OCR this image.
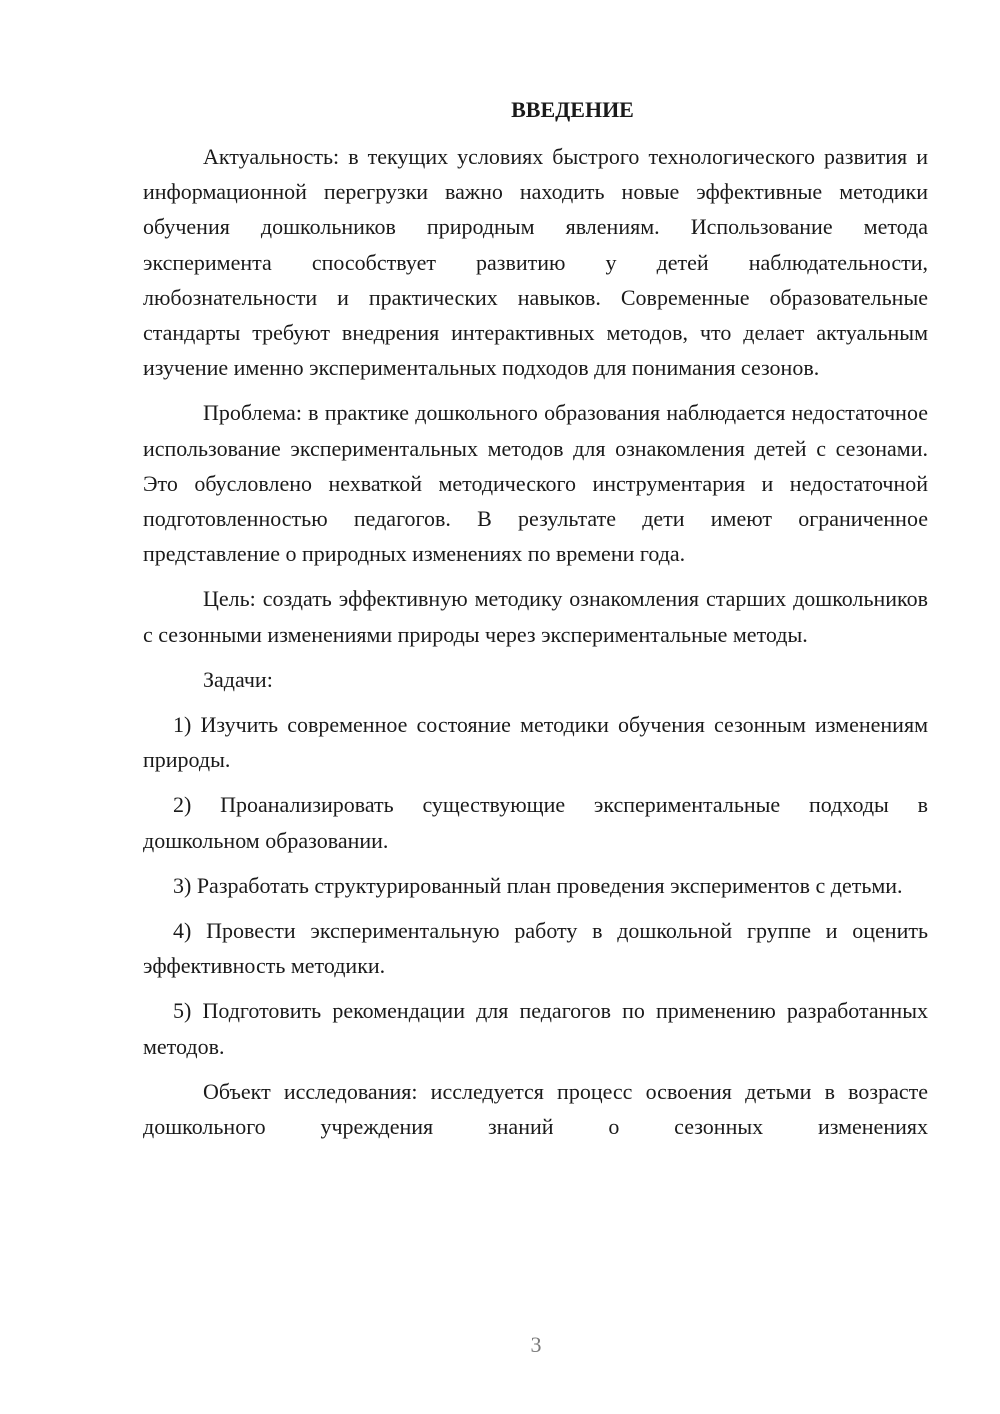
ВВЕДЕНИЕ

Актуальность: в текущих условиях быстрого технологического развития и информационной перегрузки важно находить новые эффективные методики обучения дошкольников природным явлениям. Использование метода эксперимента способствует развитию у детей наблюдательности, любознательности и практических навыков. Современные образовательные стандарты требуют внедрения интерактивных методов, что делает актуальным изучение именно экспериментальных подходов для понимания сезонов.

Проблема: в практике дошкольного образования наблюдается недостаточное использование экспериментальных методов для ознакомления детей с сезонами. Это обусловлено нехваткой методического инструментария и недостаточной подготовленностью педагогов. В результате дети имеют ограниченное представление о природных изменениях по времени года.

Цель: создать эффективную методику ознакомления старших дошкольников с сезонными изменениями природы через экспериментальные методы.

Задачи:

1) Изучить современное состояние методики обучения сезонным изменениям природы.

2) Проанализировать существующие экспериментальные подходы в дошкольном образовании.

3) Разработать структурированный план проведения экспериментов с детьми.

4) Провести экспериментальную работу в дошкольной группе и оценить эффективность методики.

5) Подготовить рекомендации для педагогов по применению разработанных методов.

Объект исследования: исследуется процесс освоения детьми в возрасте дошкольного учреждения знаний о сезонных изменениях

3
